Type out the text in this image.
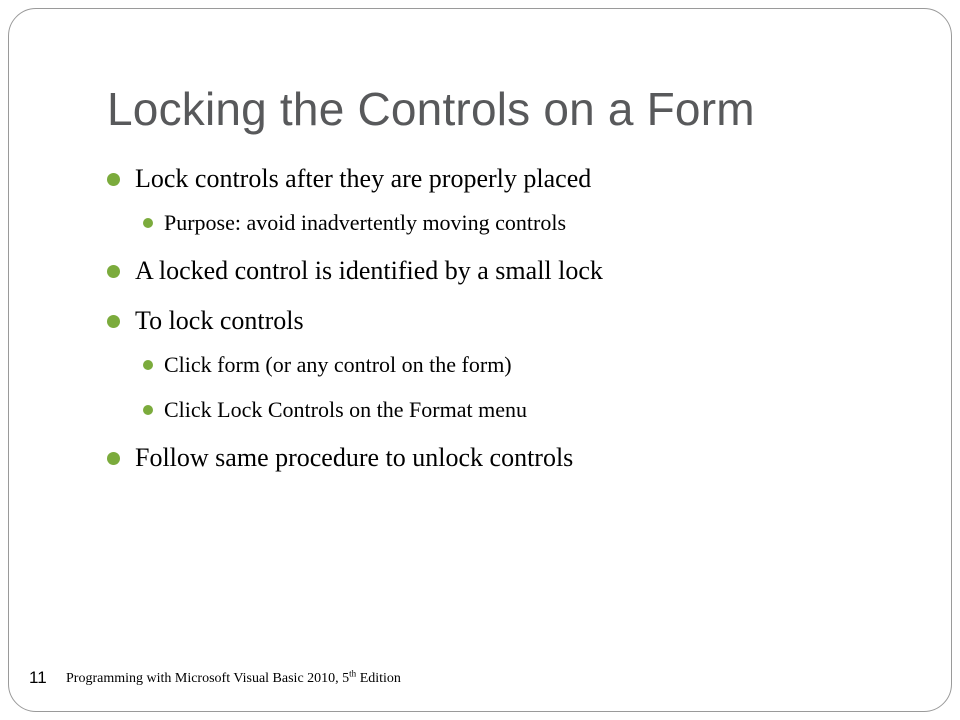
Locking the Controls on a Form
Lock controls after they are properly placed
Purpose: avoid inadvertently moving controls
A locked control is identified by a small lock
To lock controls
Click form (or any control on the form)
Click Lock Controls on the Format menu
Follow same procedure to unlock controls
11 Programming with Microsoft Visual Basic 2010, 5th Edition
